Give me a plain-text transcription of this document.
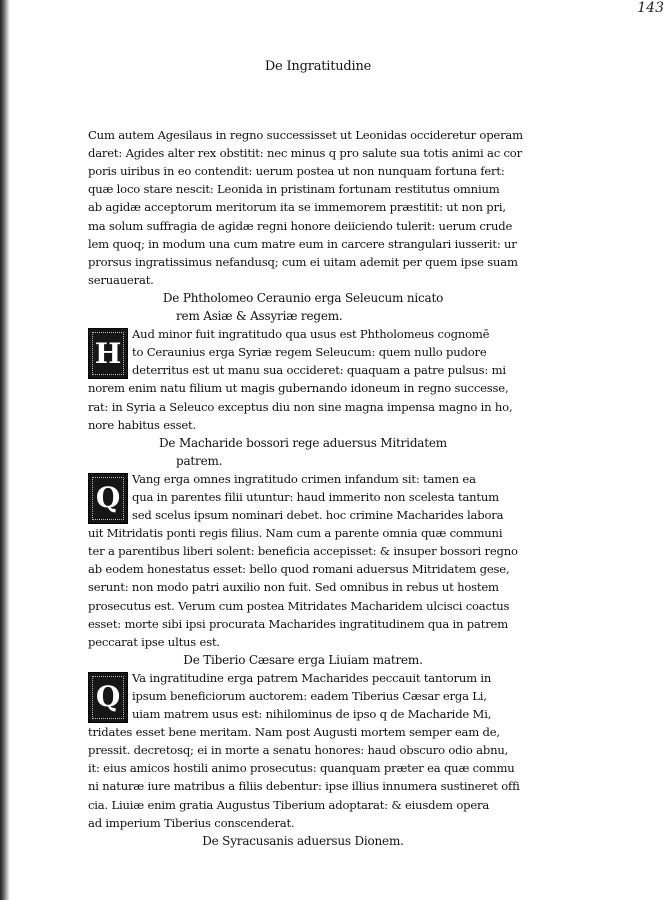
143
De Ingratitudine
Cum autem Agesilaus in regno successisset ut Leonidas occideretur operam
daret: Agides alter rex obstitit: nec minus q pro salute sua totis animi ac cor
poris uiribus in eo contendit: uerum postea ut non nunquam fortuna fert:
quæ loco stare nescit: Leonida in pristinam fortunam restitutus omnium
ab agidæ acceptorum meritorum ita se immemorem præstitit: ut non pri,
ma solum suffragia de agidæ regni honore deiiciendo tulerit: uerum crude
lem quoq; in modum una cum matre eum in carcere strangulari iusserit: ur
prorsus ingratissimus nefandusq; cum ei uitam ademit per quem ipse suam
seruauerat.
De Phtholomeo Ceraunio erga Seleucum nicato
rem Asiæ & Assyriæ regem.
H
Aud minor fuit ingratitudo qua usus est Phtholomeus cognomē
to Ceraunius erga Syriæ regem Seleucum: quem nullo pudore
deterritus est ut manu sua occideret: quaquam a patre pulsus: mi
norem enim natu filium ut magis gubernando idoneum in regno successe,
rat: in Syria a Seleuco exceptus diu non sine magna impensa magno in ho,
nore habitus esset.
De Macharide bossori rege aduersus Mitridatem
patrem.
Q
Vang erga omnes ingratitudo crimen infandum sit: tamen ea
qua in parentes filii utuntur: haud immerito non scelesta tantum
sed scelus ipsum nominari debet. hoc crimine Macharides labora
uit Mitridatis ponti regis filius. Nam cum a parente omnia quæ communi
ter a parentibus liberi solent: beneficia accepisset: & insuper bossori regno
ab eodem honestatus esset: bello quod romani aduersus Mitridatem gese,
serunt: non modo patri auxilio non fuit. Sed omnibus in rebus ut hostem
prosecutus est. Verum cum postea Mitridates Macharidem ulcisci coactus
esset: morte sibi ipsi procurata Macharides ingratitudinem qua in patrem
peccarat ipse ultus est.
De Tiberio Cæsare erga Liuiam matrem.
Q
Va ingratitudine erga patrem Macharides peccauit tantorum in
ipsum beneficiorum auctorem: eadem Tiberius Cæsar erga Li,
uiam matrem usus est: nihilominus de ipso q de Macharide Mi,
tridates esset bene meritam. Nam post Augusti mortem semper eam de,
pressit. decretosq; ei in morte a senatu honores: haud obscuro odio abnu,
it: eius amicos hostili animo prosecutus: quanquam præter ea quæ commu
ni naturæ iure matribus a filiis debentur: ipse illius innumera sustineret offi
cia. Liuiæ enim gratia Augustus Tiberium adoptarat: & eiusdem opera
ad imperium Tiberius conscenderat.
De Syracusanis aduersus Dionem.
